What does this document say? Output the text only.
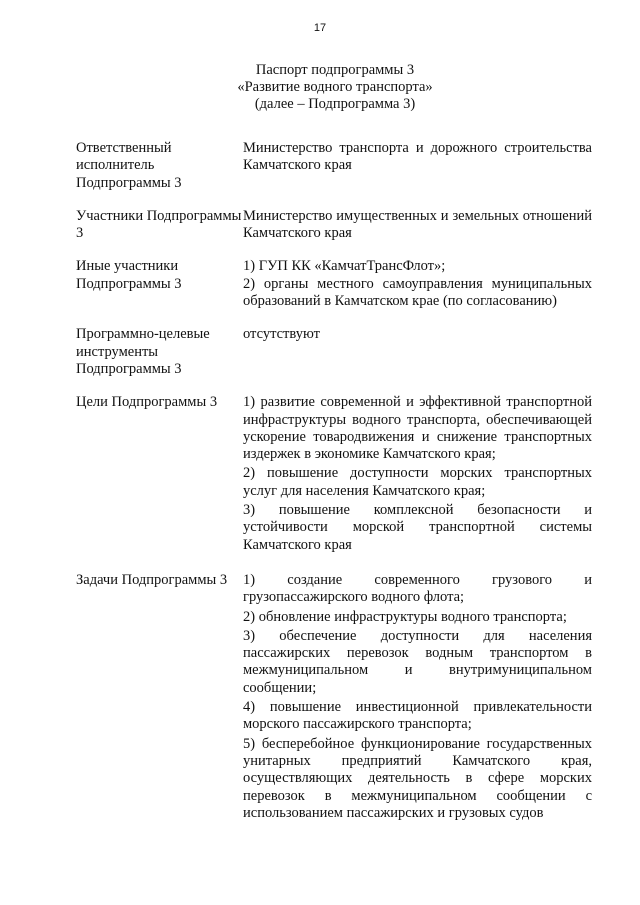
17
Паспорт подпрограммы 3
«Развитие водного транспорта»
(далее – Подпрограмма 3)
Ответственный исполнитель Подпрограммы 3
Министерство транспорта и дорожного строительства Камчатского края
Участники Подпрограммы 3
Министерство имущественных и земельных отношений Камчатского края
Иные участники Подпрограммы 3
1) ГУП КК «КамчатТрансФлот»;
2) органы местного самоуправления муниципальных образований в Камчатском крае (по согласованию)
Программно-целевые инструменты Подпрограммы 3
отсутствуют
Цели Подпрограммы 3	1) развитие современной и эффективной транспортной инфраструктуры водного транспорта, обеспечивающей ускорение товародвижения и снижение транспортных издержек в экономике Камчатского края;
2) повышение доступности морских транспортных услуг для населения Камчатского края;
3) повышение комплексной безопасности и устойчивости морской транспортной системы Камчатского края
Задачи Подпрограммы 3	1) создание современного грузового и грузопассажирского водного флота;
2) обновление инфраструктуры водного транспорта;
3) обеспечение доступности для населения пассажирских перевозок водным транспортом в межмуниципальном и внутримуниципальном сообщении;
4) повышение инвестиционной привлекательности морского пассажирского транспорта;
5) бесперебойное функционирование государственных унитарных предприятий Камчатского края, осуществляющих деятельность в сфере морских перевозок в межмуниципальном сообщении с использованием пассажирских и грузовых судов
